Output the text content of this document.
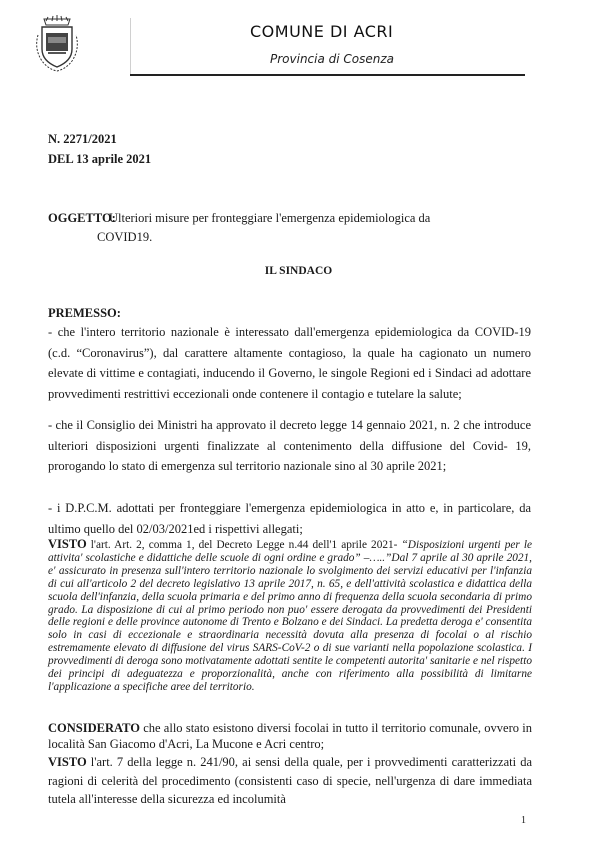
COMUNE DI ACRI
Provincia di Cosenza
N. 2271/2021
DEL 13 aprile 2021
OGGETTO:
Ulteriori misure per fronteggiare l'emergenza epidemiologica da
COVID19.
IL SINDACO
PREMESSO:

- che l'intero territorio nazionale è interessato dall'emergenza epidemiologica da COVID-19 (c.d. “Coronavirus”), dal carattere altamente contagioso, la quale ha cagionato un numero elevate di vittime e contagiati, inducendo il Governo, le singole Regioni ed i Sindaci ad adottare provvedimenti restrittivi eccezionali onde contenere il contagio e tutelare la salute;

- che il Consiglio dei Ministri ha approvato il decreto legge 14 gennaio 2021, n. 2 che introduce ulteriori disposizioni urgenti finalizzate al contenimento della diffusione del Covid- 19, prorogando lo stato di emergenza sul territorio nazionale sino al 30 aprile 2021;

- i D.P.C.M. adottati per fronteggiare l'emergenza epidemiologica in atto e, in particolare, da ultimo quello del 02/03/2021ed i rispettivi allegati;

VISTO l'art. Art. 2, comma 1, del Decreto Legge n.44 dell'1 aprile 2021- “Disposizioni urgenti per le attivita' scolastiche e didattiche delle scuole di ogni ordine e grado” –…..”Dal 7 aprile al 30 aprile 2021, e' assicurato in presenza sull'intero territorio nazionale lo svolgimento dei servizi educativi per l'infanzia di cui all'articolo 2 del decreto legislativo 13 aprile 2017, n. 65, e dell'attività scolastica e didattica della scuola dell'infanzia, della scuola primaria e del primo anno di frequenza della scuola secondaria di primo grado. La disposizione di cui al primo periodo non puo' essere derogata da provvedimenti dei Presidenti delle regioni e delle province autonome di Trento e Bolzano e dei Sindaci. La predetta deroga e' consentita solo in casi di eccezionale e straordinaria necessità dovuta alla presenza di focolai o al rischio estremamente elevato di diffusione del virus SARS-CoV-2 o di sue varianti nella popolazione scolastica. I provvedimenti di deroga sono motivatamente adottati sentite le competenti autorita' sanitarie e nel rispetto dei principi di adeguatezza e proporzionalità, anche con riferimento alla possibilità di limitarne l'applicazione a specifiche aree del territorio.
CONSIDERATO che allo stato esistono diversi focolai in tutto il territorio comunale, ovvero in località San Giacomo d'Acri, La Mucone e Acri centro;
VISTO l'art. 7 della legge n. 241/90, ai sensi della quale, per i provvedimenti caratterizzati da ragioni di celerità del procedimento (consistenti caso di specie, nell'urgenza di dare immediata tutela all'interesse della sicurezza ed incolumità
1
